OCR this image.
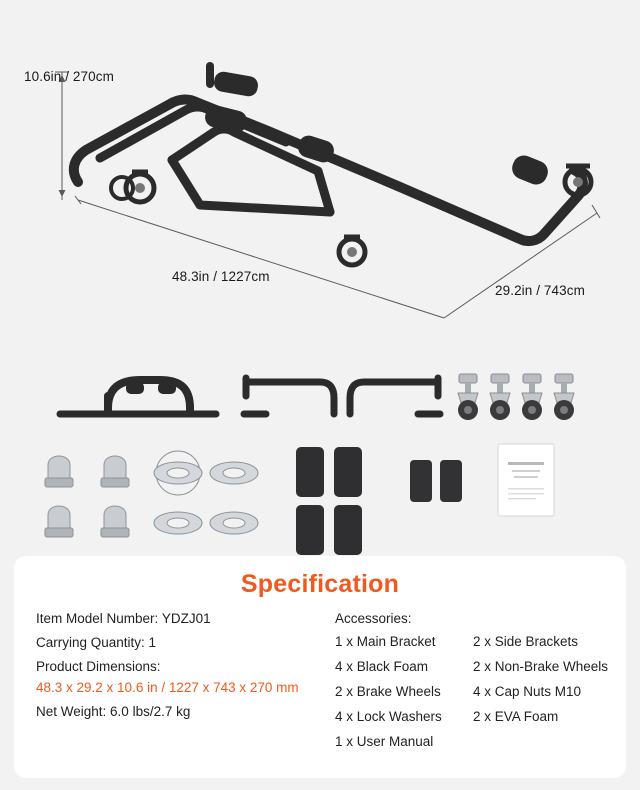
10.6in / 270cm
48.3in / 1227cm
29.2in / 743cm
Specification
Item Model Number: YDZJ01
Carrying Quantity: 1
Product Dimensions:
48.3 x 29.2 x 10.6 in / 1227 x 743 x 270 mm
Net Weight: 6.0 lbs/2.7 kg
Accessories:
1 x Main Bracket	2 x Side Brackets
4 x Black Foam	2 x Non-Brake Wheels
2 x Brake Wheels	4 x Cap Nuts M10
4 x Lock Washers	2 x EVA Foam
1 x User Manual
